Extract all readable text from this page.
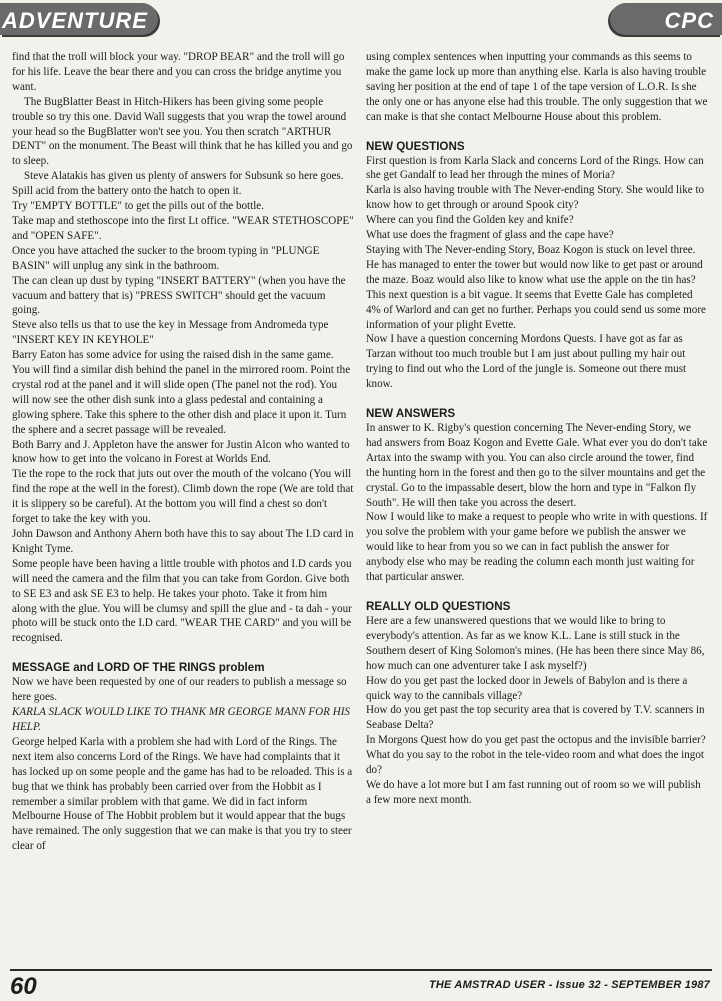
ADVENTURE	CPC

find that the troll will block your way. "DROP BEAR" and the troll will go for his life. Leave the bear there and you can cross the bridge anytime you want.

The BugBlatter Beast in Hitch-Hikers has been giving some people trouble so try this one. David Wall suggests that you wrap the towel around your head so the BugBlatter won't see you. You then scratch "ARTHUR DENT" on the monument. The Beast will think that he has killed you and go to sleep.

Steve Alatakis has given us plenty of answers for Subsunk so here goes.

Spill acid from the battery onto the hatch to open it.

Try "EMPTY BOTTLE" to get the pills out of the bottle.

Take map and stethoscope into the first Lt office. "WEAR STETHOSCOPE" and "OPEN SAFE".

Once you have attached the sucker to the broom typing in "PLUNGE BASIN" will unplug any sink in the bathroom.

The can clean up dust by typing "INSERT BATTERY" (when you have the vacuum and battery that is) "PRESS SWITCH" should get the vacuum going.

Steve also tells us that to use the key in Message from Andromeda type "INSERT KEY IN KEYHOLE"

Barry Eaton has some advice for using the raised dish in the same game.

You will find a similar dish behind the panel in the mirrored room. Point the crystal rod at the panel and it will slide open (The panel not the rod). You will now see the other dish sunk into a glass pedestal and containing a glowing sphere. Take this sphere to the other dish and place it upon it. Turn the sphere and a secret passage will be revealed.

Both Barry and J. Appleton have the answer for Justin Alcon who wanted to know how to get into the volcano in Forest at Worlds End.

Tie the rope to the rock that juts out over the mouth of the volcano (You will find the rope at the well in the forest). Climb down the rope (We are told that it is slippery so be careful). At the bottom you will find a chest so don't forget to take the key with you.

John Dawson and Anthony Ahern both have this to say about The I.D card in Knight Tyme.

Some people have been having a little trouble with photos and I.D cards you will need the camera and the film that you can take from Gordon. Give both to SE E3 and ask SE E3 to help. He takes your photo. Take it from him along with the glue. You will be clumsy and spill the glue and - ta dah - your photo will be stuck onto the I.D card. "WEAR THE CARD" and you will be recognised.

MESSAGE and LORD OF THE RINGS problem

Now we have been requested by one of our readers to publish a message so here goes.

KARLA SLACK WOULD LIKE TO THANK MR GEORGE MANN FOR HIS HELP.

George helped Karla with a problem she had with Lord of the Rings. The next item also concerns Lord of the Rings. We have had complaints that it has locked up on some people and the game has had to be reloaded. This is a bug that we think has probably been carried over from the Hobbit as I remember a similar problem with that game. We did in fact inform Melbourne House of The Hobbit problem but it would appear that the bugs have remained. The only suggestion that we can make is that you try to steer clear of

using complex sentences when inputting your commands as this seems to make the game lock up more than anything else. Karla is also having trouble saving her position at the end of tape 1 of the tape version of L.O.R. Is she the only one or has anyone else had this trouble. The only suggestion that we can make is that she contact Melbourne House about this problem.

NEW QUESTIONS

First question is from Karla Slack and concerns Lord of the Rings. How can she get Gandalf to lead her through the mines of Moria?

Karla is also having trouble with The Never-ending Story. She would like to know how to get through or around Spook city?

Where can you find the Golden key and knife?

What use does the fragment of glass and the cape have?

Staying with The Never-ending Story, Boaz Kogon is stuck on level three. He has managed to enter the tower but would now like to get past or around the maze. Boaz would also like to know what use the apple on the tin has?

This next question is a bit vague. It seems that Evette Gale has completed 4% of Warlord and can get no further. Perhaps you could send us some more information of your plight Evette.

Now I have a question concerning Mordons Quests. I have got as far as Tarzan without too much trouble but I am just about pulling my hair out trying to find out who the Lord of the jungle is. Someone out there must know.

NEW ANSWERS

In answer to K. Rigby's question concerning The Never-ending Story, we had answers from Boaz Kogon and Evette Gale. What ever you do don't take Artax into the swamp with you. You can also circle around the tower, find the hunting horn in the forest and then go to the silver mountains and get the crystal. Go to the impassable desert, blow the horn and type in "Falkon fly South". He will then take you across the desert.

Now I would like to make a request to people who write in with questions. If you solve the problem with your game before we publish the answer we would like to hear from you so we can in fact publish the answer for anybody else who may be reading the column each month just waiting for that particular answer.

REALLY OLD QUESTIONS

Here are a few unanswered questions that we would like to bring to everybody's attention. As far as we know K.L. Lane is still stuck in the Southern desert of King Solomon's mines. (He has been there since May 86, how much can one adventurer take I ask myself?)

How do you get past the locked door in Jewels of Babylon and is there a quick way to the cannibals village?

How do you get past the top security area that is covered by T.V. scanners in Seabase Delta?

In Morgons Quest how do you get past the octopus and the invisible barrier? What do you say to the robot in the tele-video room and what does the ingot do?

We do have a lot more but I am fast running out of room so we will publish a few more next month.

60	THE AMSTRAD USER - Issue 32 - SEPTEMBER 1987
